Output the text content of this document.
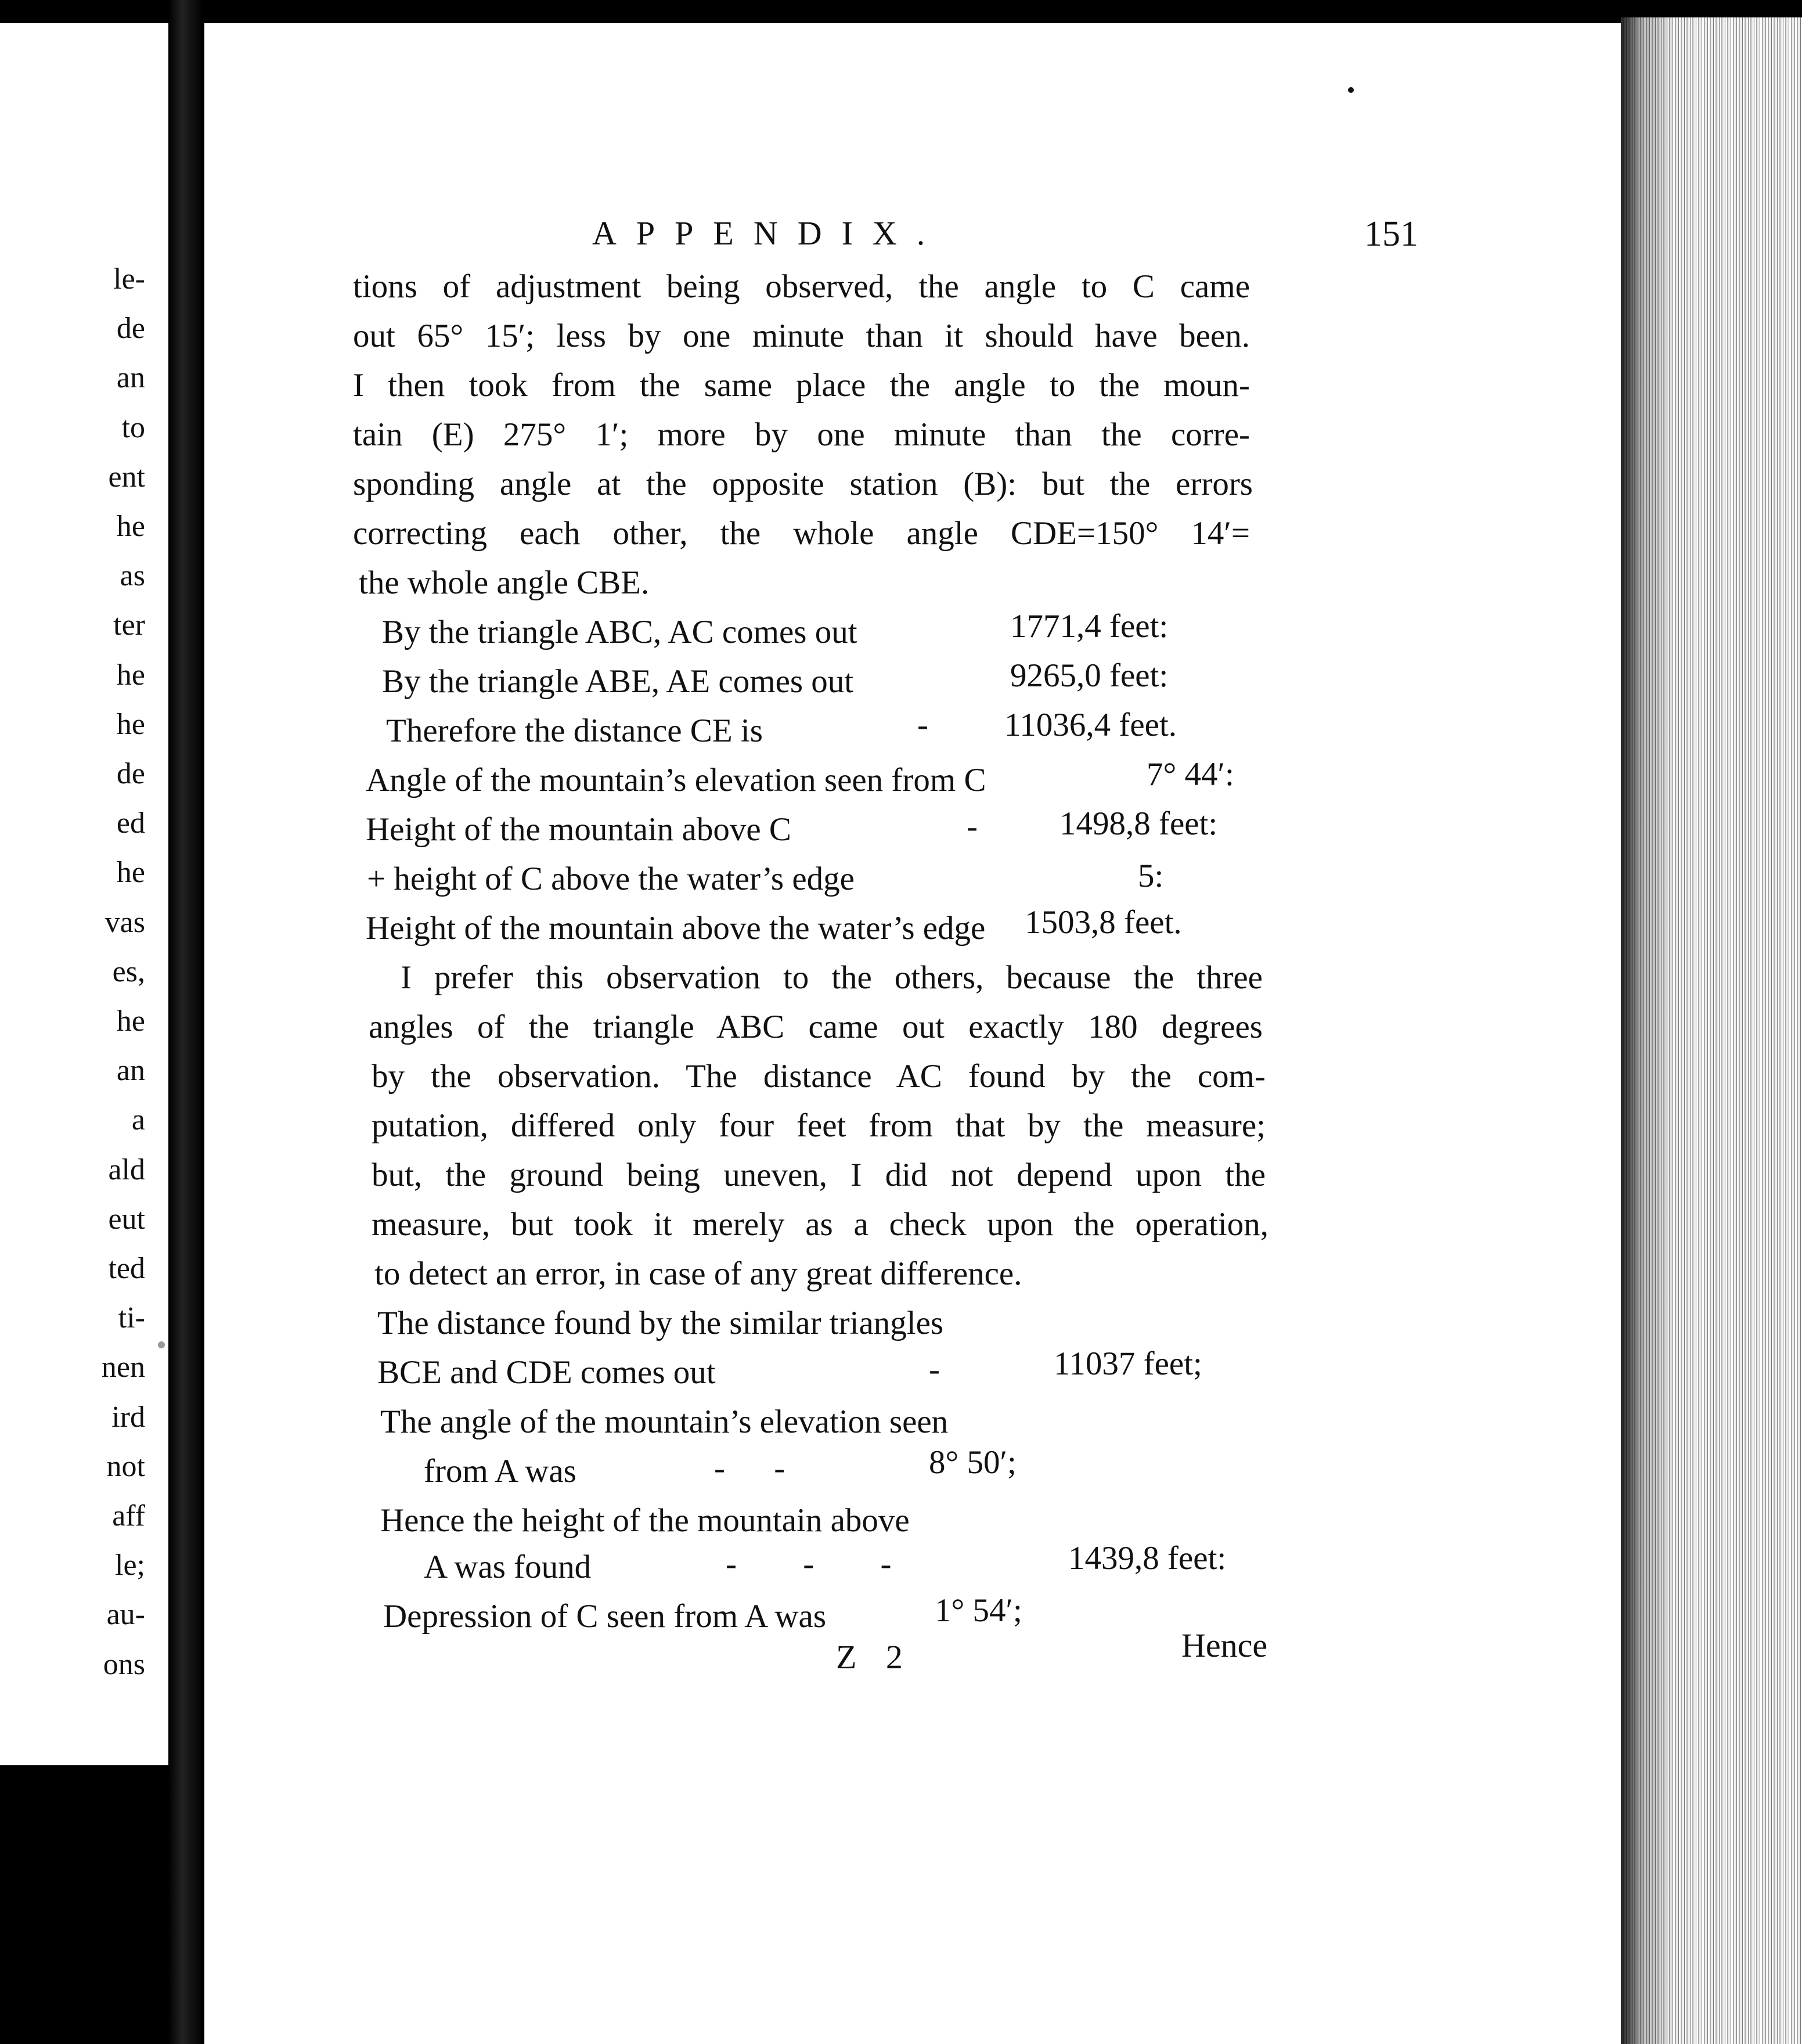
le-
de
an
to
ent
he
as
ter
he
he
de
ed
he
vas
es,
he
an
a
ald
eut
ted
ti-
nen
ird
not
aff
le;
au-
ons
APPENDIX.	151
tions of adjustment being observed, the angle to C came
out 65° 15′; less by one minute than it should have been.
I then took from the same place the angle to the moun-
tain (E) 275° 1′; more by one minute than the corre-
sponding angle at the opposite station (B): but the errors
correcting each other, the whole angle CDE=150° 14′=
the whole angle CBE.
By the triangle ABC, AC comes out	1771,4 feet:
By the triangle ABE, AE comes out	9265,0 feet:
Therefore the distance CE is	- 11036,4 feet.
Angle of the mountain’s elevation seen from C	7° 44′:
Height of the mountain above C	- 1498,8 feet:
+ height of C above the water’s edge	5:
Height of the mountain above the water’s edge 1503,8 feet.
I prefer this observation to the others, because the three
angles of the triangle ABC came out exactly 180 degrees
by the observation. The distance AC found by the com-
putation, differed only four feet from that by the measure;
but, the ground being uneven, I did not depend upon the
measure, but took it merely as a check upon the operation,
to detect an error, in case of any great difference.
The distance found by the similar triangles
BCE and CDE comes out	-	11037 feet;
The angle of the mountain’s elevation seen
from A was	- -	8° 50′;
Hence the height of the mountain above
A was found	- - -	1439,8 feet:
Depression of C seen from A was	1° 54′;
Z 2	Hence
